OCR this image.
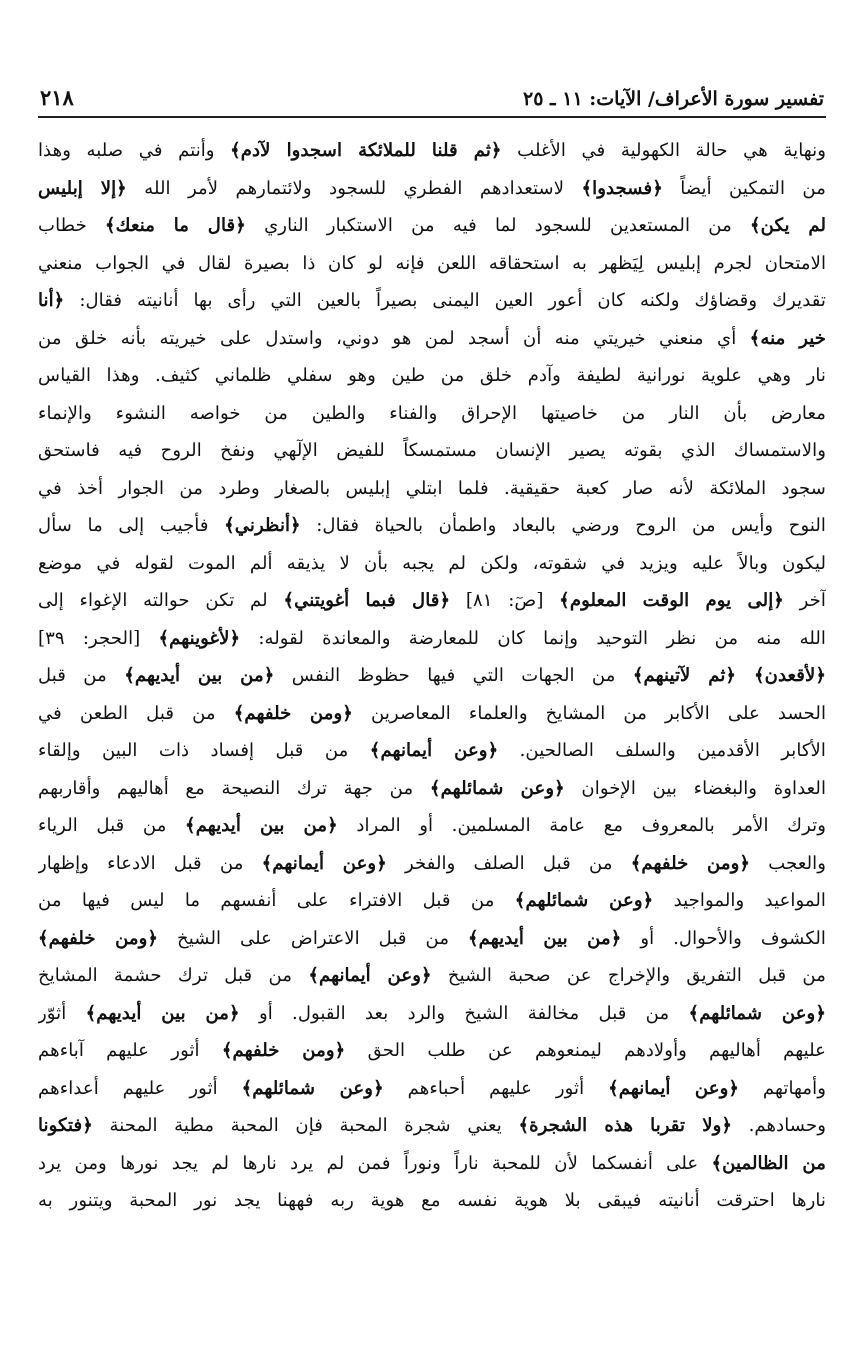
تفسير سورة الأعراف/ الآيات: ١١ ـ ٢٥
٢١٨
ونهاية هي حالة الكهولية في الأغلب ﴿ثم قلنا للملائكة اسجدوا لآدم﴾ وأنتم في صلبه وهذا
من التمكين أيضاً ﴿فسجدوا﴾ لاستعدادهم الفطري للسجود ولائتمارهم لأمر الله ﴿إلا إبليس
لم يكن﴾ من المستعدين للسجود لما فيه من الاستكبار الناري ﴿قال ما منعك﴾ خطاب
الامتحان لجرم إبليس لِيَظهر به استحقاقه اللعن فإنه لو كان ذا بصيرة لقال في الجواب منعني
تقديرك وقضاؤك ولكنه كان أعور العين اليمنى بصيراً بالعين التي رأى بها أنانيته فقال: ﴿أنا
خير منه﴾ أي منعني خيريتي منه أن أسجد لمن هو دوني، واستدل على خيريته بأنه خلق من
نار وهي علوية نورانية لطيفة وآدم خلق من طين وهو سفلي ظلماني كثيف. وهذا القياس
معارض بأن النار من خاصيتها الإحراق والفناء والطين من خواصه النشوء والإنماء
والاستمساك الذي بقوته يصير الإنسان مستمسكاً للفيض الإلٓهي ونفخ الروح فيه فاستحق
سجود الملائكة لأنه صار كعبة حقيقية. فلما ابتلي إبليس بالصغار وطرد من الجوار أخذ في
النوح وأيس من الروح ورضي بالبعاد واطمأن بالحياة فقال: ﴿أنظرني﴾ فأجيب إلى ما سأل
ليكون وبالاً عليه ويزيد في شقوته، ولكن لم يجبه بأن لا يذيقه ألم الموت لقوله في موضع
آخر ﴿إلى يوم الوقت المعلوم﴾ [صٓ: ٨١] ﴿قال فبما أغويتني﴾ لم تكن حوالته الإغواء إلى
الله منه من نظر التوحيد وإنما كان للمعارضة والمعاندة لقوله: ﴿لأغوينهم﴾ [الحجر: ٣٩]
﴿لأقعدن﴾ ﴿ثم لآتينهم﴾ من الجهات التي فيها حظوظ النفس ﴿من بين أيديهم﴾ من قبل
الحسد على الأكابر من المشايخ والعلماء المعاصرين ﴿ومن خلفهم﴾ من قبل الطعن في
الأكابر الأقدمين والسلف الصالحين. ﴿وعن أيمانهم﴾ من قبل إفساد ذات البين وإلقاء
العداوة والبغضاء بين الإخوان ﴿وعن شمائلهم﴾ من جهة ترك النصيحة مع أهاليهم وأقاربهم
وترك الأمر بالمعروف مع عامة المسلمين. أو المراد ﴿من بين أيديهم﴾ من قبل الرياء
والعجب ﴿ومن خلفهم﴾ من قبل الصلف والفخر ﴿وعن أيمانهم﴾ من قبل الادعاء وإظهار
المواعيد والمواجيد ﴿وعن شمائلهم﴾ من قبل الافتراء على أنفسهم ما ليس فيها من
الكشوف والأحوال. أو ﴿من بين أيديهم﴾ من قبل الاعتراض على الشيخ ﴿ومن خلفهم﴾
من قبل التفريق والإخراج عن صحبة الشيخ ﴿وعن أيمانهم﴾ من قبل ترك حشمة المشايخ
﴿وعن شمائلهم﴾ من قبل مخالفة الشيخ والرد بعد القبول. أو ﴿من بين أيديهم﴾ أثوّر
عليهم أهاليهم وأولادهم ليمنعوهم عن طلب الحق ﴿ومن خلفهم﴾ أثور عليهم آباءهم
وأمهاتهم ﴿وعن أيمانهم﴾ أثور عليهم أحباءهم ﴿وعن شمائلهم﴾ أثور عليهم أعداءهم
وحسادهم. ﴿ولا تقربا هذه الشجرة﴾ يعني شجرة المحبة فإن المحبة مطية المحنة ﴿فتكونا
من الظالمين﴾ على أنفسكما لأن للمحبة ناراً ونوراً فمن لم يرد نارها لم يجد نورها ومن يرد
نارها احترقت أنانيته فيبقى بلا هوية نفسه مع هوية ربه فههنا يجد نور المحبة ويتنور به
